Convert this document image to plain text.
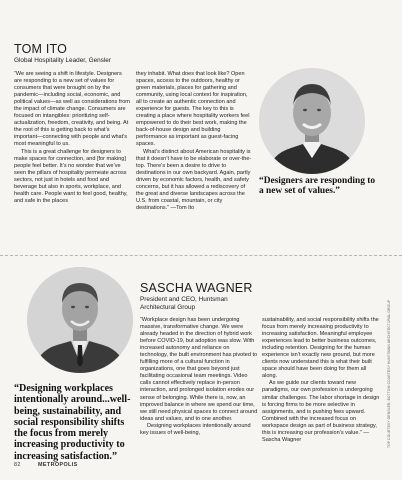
TOM ITO
Global Hospitality Leader, Gensler

“We are seeing a shift in lifestyle. Designers are responding to a new set of values for consumers that were brought on by the pandemic—including social, economic, and political values—as well as considerations from the impact of climate change. Consumers are focused on intangibles: prioritizing self-actualization, freedom, creativity, and being. At the root of this is getting back to what’s important—connecting with people and what’s most meaningful to us.

This is a great challenge for designers to make spaces for connection, and [for making] people feel better. It’s no wonder that we’ve seen the pillars of hospitality permeate across sectors, not just in hotels and food and beverage but also in sports, workplace, and health care. People want to feel good, healthy, and safe in the places

they inhabit. What does that look like? Open spaces, access to the outdoors, healthy or green materials, places for gathering and community, using local context for inspiration, all to create an authentic connection and experience for guests. The key to this is creating a place where hospitality workers feel empowered to do their best work, making the back-of-house design and building performance as important as guest-facing spaces.

What’s distinct about American hospitality is that it doesn’t have to be elaborate or over-the-top. There’s been a desire to drive to destinations in our own backyard. Again, partly driven by economic factors, health, and safety concerns, but it has allowed a rediscovery of the great and diverse landscapes across the U.S. from coastal, mountain, or city destinations.” —Tom Ito

“Designers are responding to a new set of values.”
“Designing workplaces intentionally around...well-being, sustainability, and social responsibility shifts the focus from merely increasing productivity to increasing satisfaction.”
SASCHA WAGNER
President and CEO, Huntsman Architectural Group

“Workplace design has been undergoing massive, transformative change. We were already headed in the direction of hybrid work before COVID-19, but adoption was slow. With increased autonomy and reliance on technology, the built environment has pivoted to fulfilling more of a cultural function in organizations, one that goes beyond just facilitating occasional team meetings. Video calls cannot effectively replace in-person interaction, and prolonged isolation erodes our sense of belonging. While there is, now, an improved balance in where we spend our time, we still need physical spaces to connect around ideas and values, and to one another.

Designing workplaces intentionally around key issues of well-being,

sustainability, and social responsibility shifts the focus from merely increasing productivity to increasing satisfaction. Meaningful employee experiences lead to better business outcomes, including retention. Designing for the human experience isn’t exactly new ground, but more clients now understand this is what their built space should have been doing for them all along.

As we guide our clients toward new paradigms, our own profession is undergoing similar challenges. The labor shortage in design is forcing firms to be more selective in assignments, and is pushing fees upward. Combined with the increased focus on workspace design as part of business strategy, this is increasing our profession’s value.” —Sascha Wagner	TOP COURTESY GENSLER; BOTTOM COURTESY HUNTSMAN ARCHITECTURAL GROUP
82	METROPOLIS
